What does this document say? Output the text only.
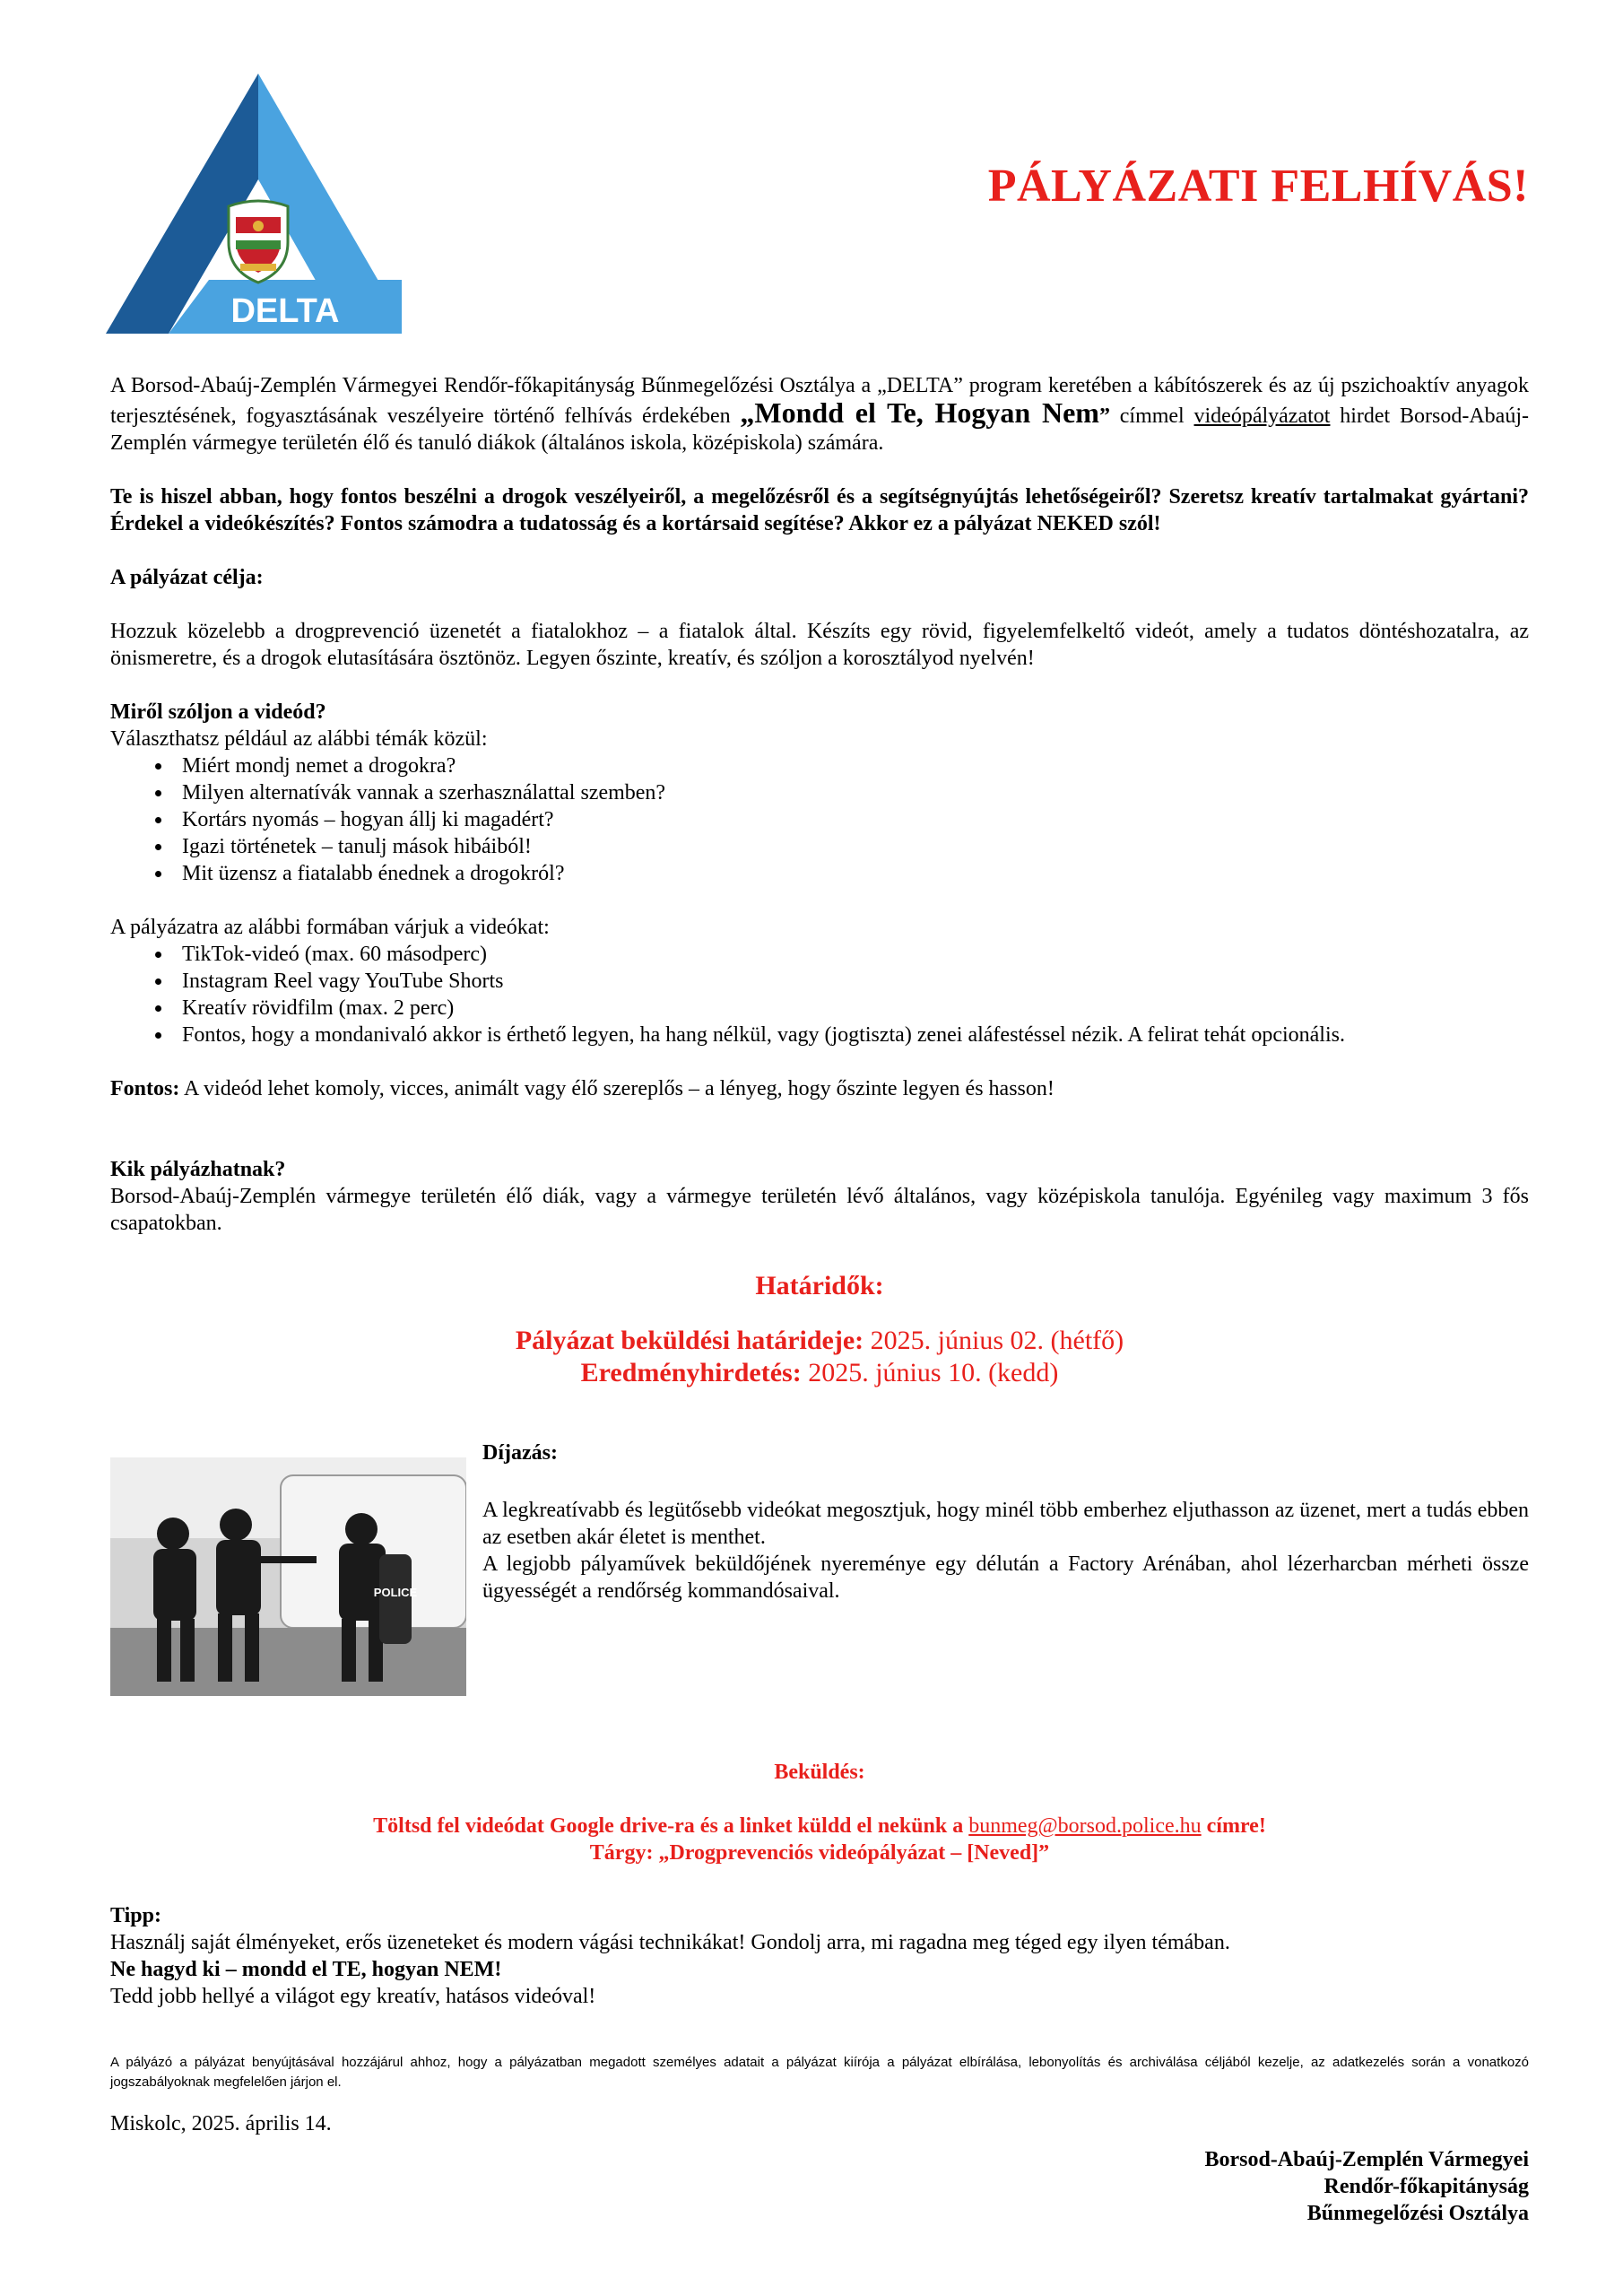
DELTA
PÁLYÁZATI FELHÍVÁS!

A Borsod-Abaúj-Zemplén Vármegyei Rendőr-főkapitányság Bűnmegelőzési Osztálya a „DELTA” program keretében a kábítószerek és az új pszichoaktív anyagok terjesztésének, fogyasztásának veszélyeire történő felhívás érdekében „Mondd el Te, Hogyan Nem” címmel videópályázatot hirdet Borsod-Abaúj-Zemplén vármegye területén élő és tanuló diákok (általános iskola, középiskola) számára.

Te is hiszel abban, hogy fontos beszélni a drogok veszélyeiről, a megelőzésről és a segítségnyújtás lehetőségeiről? Szeretsz kreatív tartalmakat gyártani? Érdekel a videókészítés? Fontos számodra a tudatosság és a kortársaid segítése? Akkor ez a pályázat NEKED szól!

A pályázat célja:

Hozzuk közelebb a drogprevenció üzenetét a fiatalokhoz – a fiatalok által. Készíts egy rövid, figyelemfelkeltő videót, amely a tudatos döntéshozatalra, az önismeretre, és a drogok elutasítására ösztönöz. Legyen őszinte, kreatív, és szóljon a korosztályod nyelvén!

Miről szóljon a videód?

Választhatsz például az alábbi témák közül:

• Miért mondj nemet a drogokra?
• Milyen alternatívák vannak a szerhasználattal szemben?
• Kortárs nyomás – hogyan állj ki magadért?
• Igazi történetek – tanulj mások hibáiból!
• Mit üzensz a fiatalabb énednek a drogokról?

A pályázatra az alábbi formában várjuk a videókat:

• TikTok-videó (max. 60 másodperc)
• Instagram Reel vagy YouTube Shorts
• Kreatív rövidfilm (max. 2 perc)
• Fontos, hogy a mondanivaló akkor is érthető legyen, ha hang nélkül, vagy (jogtiszta) zenei aláfestéssel nézik. A felirat tehát opcionális.

Fontos: A videód lehet komoly, vicces, animált vagy élő szereplős – a lényeg, hogy őszinte legyen és hasson!

Kik pályázhatnak?

Borsod-Abaúj-Zemplén vármegye területén élő diák, vagy a vármegye területén lévő általános, vagy középiskola tanulója. Egyénileg vagy maximum 3 fős csapatokban.

Határidők:
Pályázat beküldési határideje: 2025. június 02. (hétfő)
Eredményhirdetés: 2025. június 10. (kedd)
POLICE

Díjazás:

A legkreatívabb és legütősebb videókat megosztjuk, hogy minél több emberhez eljuthasson az üzenet, mert a tudás ebben az esetben akár életet is menthet.

A legjobb pályaművek beküldőjének nyereménye egy délután a Factory Arénában, ahol lézerharcban mérheti össze ügyességét a rendőrség kommandósaival.

Beküldés:
Töltsd fel videódat Google drive-ra és a linket küldd el nekünk a bunmeg@borsod.police.hu címre!
Tárgy: „Drogprevenciós videópályázat – [Neved]”

Tipp:

Használj saját élményeket, erős üzeneteket és modern vágási technikákat! Gondolj arra, mi ragadna meg téged egy ilyen témában.

Ne hagyd ki – mondd el TE, hogyan NEM!

Tedd jobb hellyé a világot egy kreatív, hatásos videóval!

A pályázó a pályázat benyújtásával hozzájárul ahhoz, hogy a pályázatban megadott személyes adatait a pályázat kiírója a pályázat elbírálása, lebonyolítás és archiválása céljából kezelje, az adatkezelés során a vonatkozó jogszabályoknak megfelelően járjon el.

Miskolc, 2025. április 14.

Borsod-Abaúj-Zemplén Vármegyei
Rendőr-főkapitányság
Bűnmegelőzési Osztálya
